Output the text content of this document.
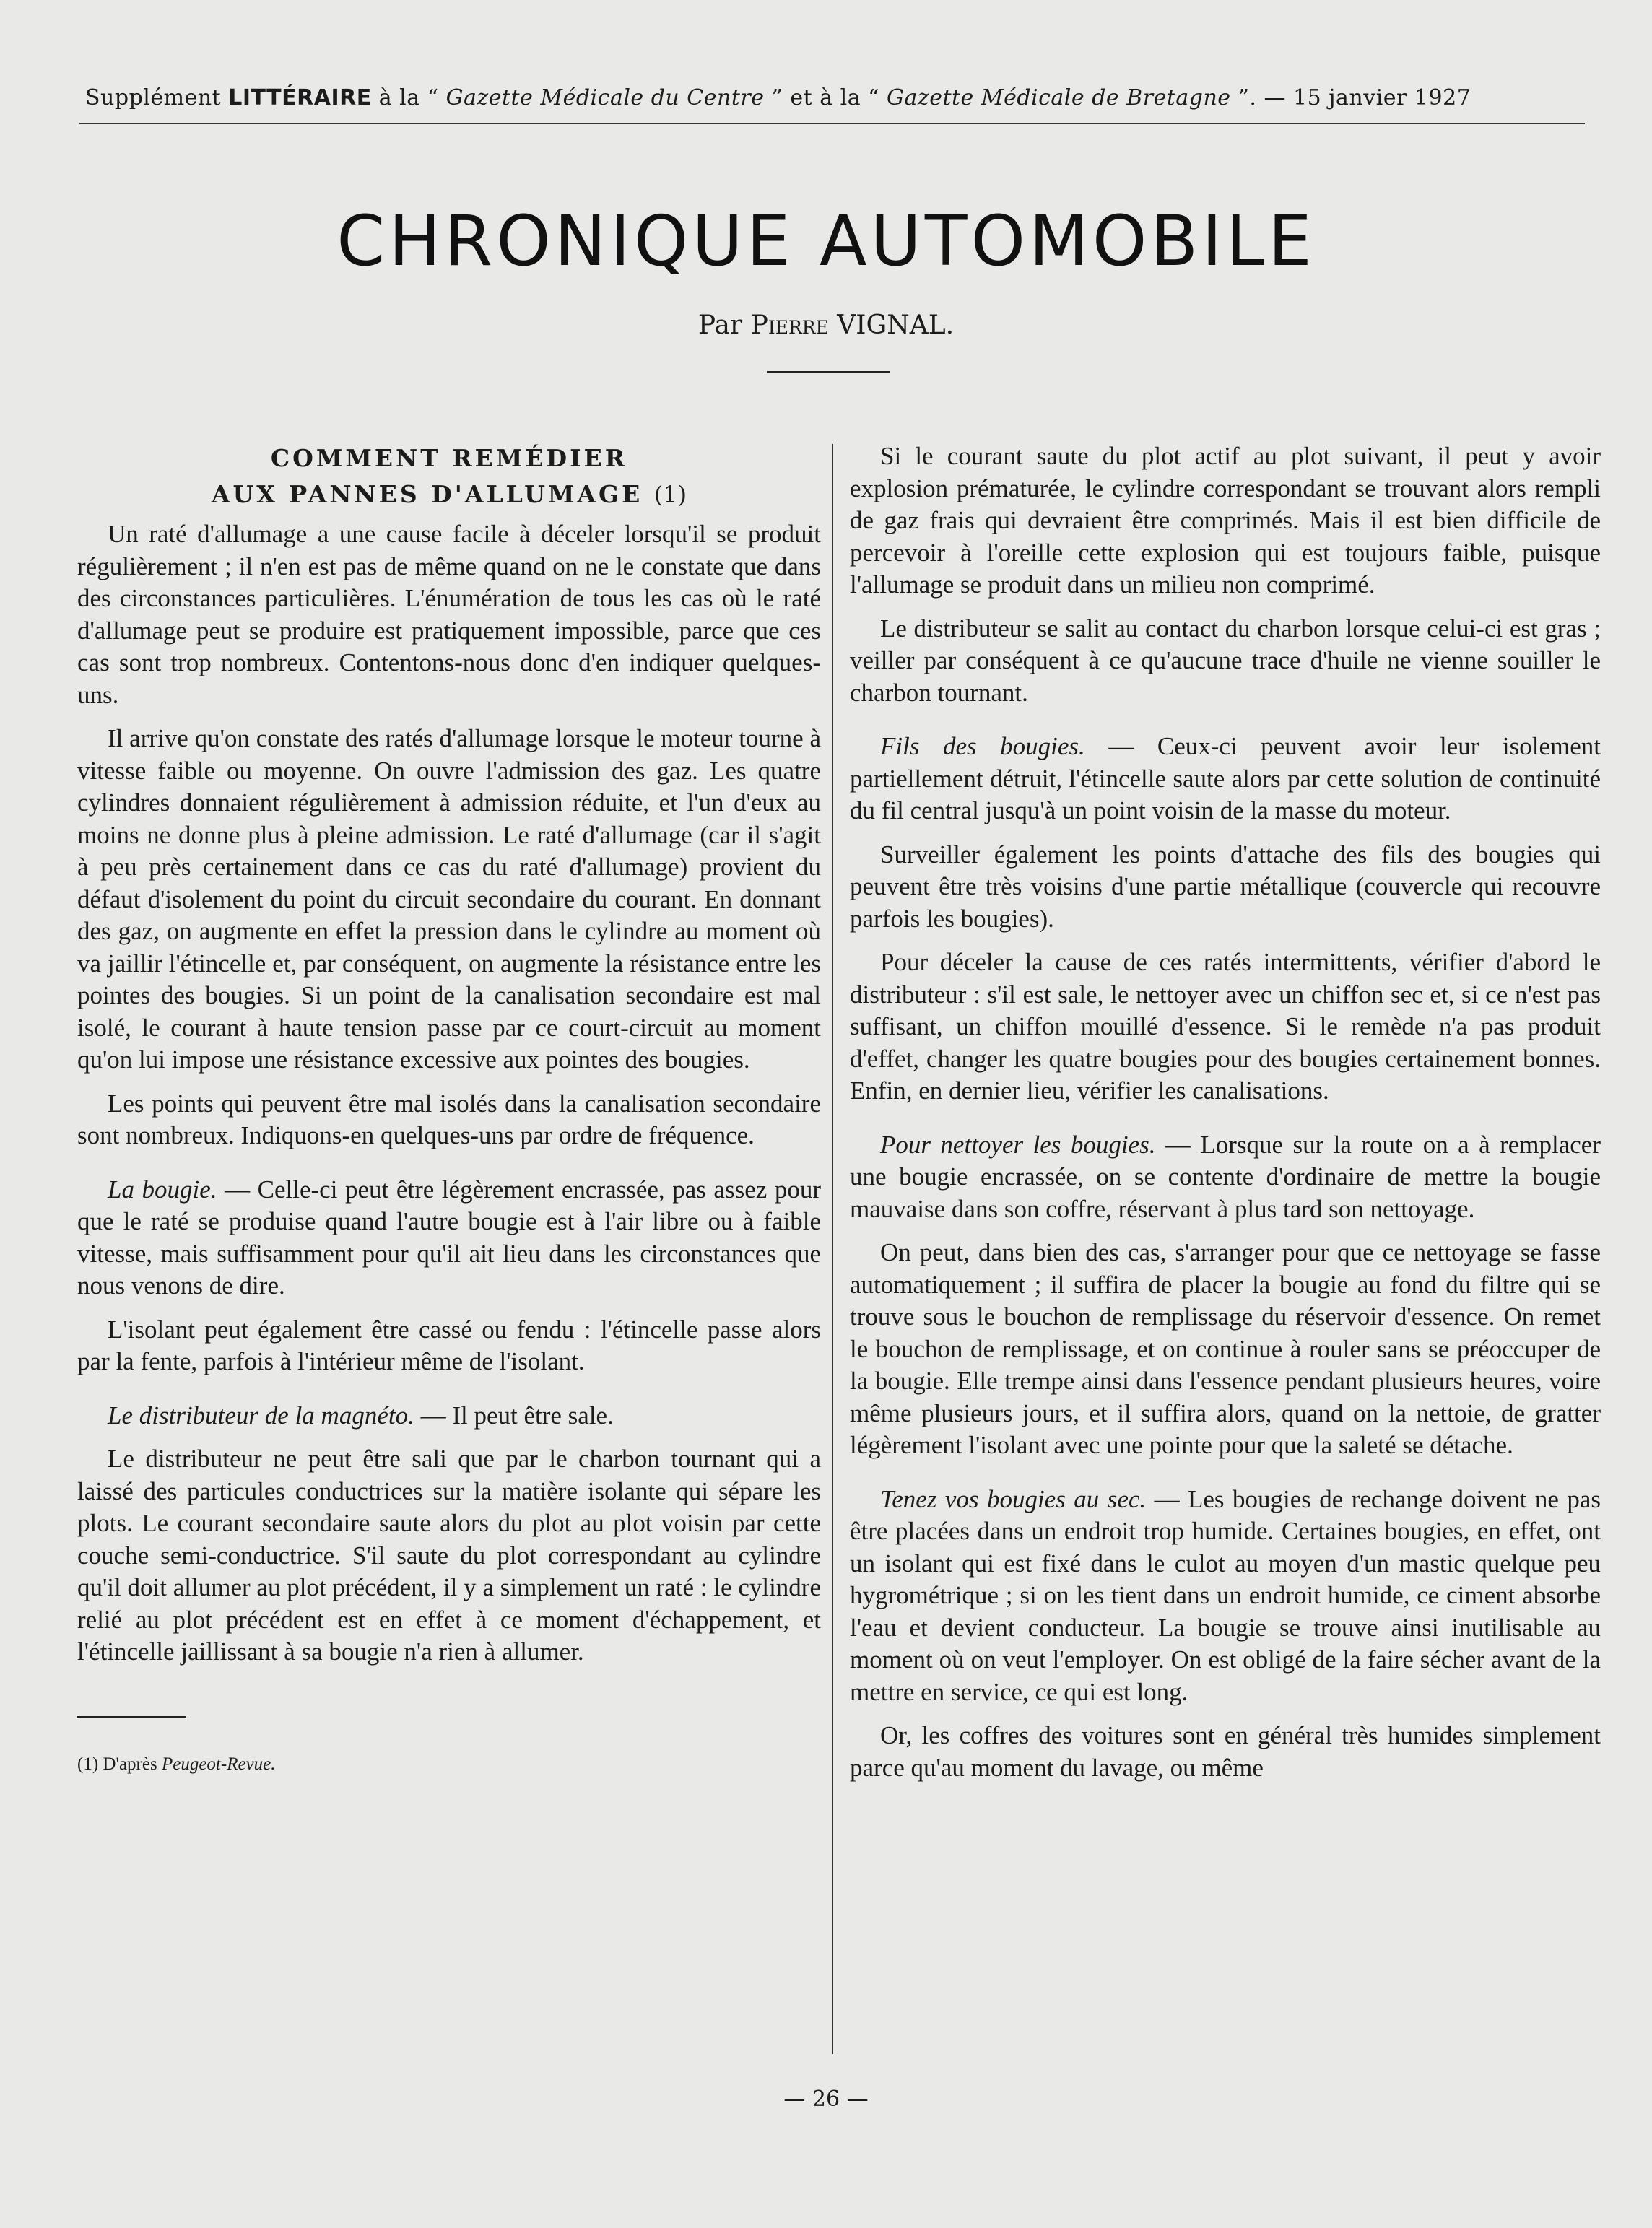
Supplément LITTÉRAIRE à la “ Gazette Médicale du Centre ” et à la “ Gazette Médicale de Bretagne ”. — 15 janvier 1927
CHRONIQUE AUTOMOBILE
Par Pierre VIGNAL.
COMMENT REMÉDIER
AUX PANNES D'ALLUMAGE (1)

Un raté d'allumage a une cause facile à déceler lorsqu'il se produit régulièrement ; il n'en est pas de même quand on ne le constate que dans des circonstances particulières. L'énumération de tous les cas où le raté d'allumage peut se produire est pratiquement impossible, parce que ces cas sont trop nombreux. Contentons-nous donc d'en indiquer quelques-uns.

Il arrive qu'on constate des ratés d'allumage lorsque le moteur tourne à vitesse faible ou moyenne. On ouvre l'admission des gaz. Les quatre cylindres donnaient régulièrement à admission réduite, et l'un d'eux au moins ne donne plus à pleine admission. Le raté d'allumage (car il s'agit à peu près certainement dans ce cas du raté d'allumage) provient du défaut d'isolement du point du circuit secondaire du courant. En donnant des gaz, on augmente en effet la pression dans le cylindre au moment où va jaillir l'étincelle et, par conséquent, on augmente la résistance entre les pointes des bougies. Si un point de la canalisation secondaire est mal isolé, le courant à haute tension passe par ce court-circuit au moment qu'on lui impose une résistance excessive aux pointes des bougies.

Les points qui peuvent être mal isolés dans la canalisation secondaire sont nombreux. Indiquons-en quelques-uns par ordre de fréquence.

La bougie. — Celle-ci peut être légèrement encrassée, pas assez pour que le raté se produise quand l'autre bougie est à l'air libre ou à faible vitesse, mais suffisamment pour qu'il ait lieu dans les circonstances que nous venons de dire.

L'isolant peut également être cassé ou fendu : l'étincelle passe alors par la fente, parfois à l'intérieur même de l'isolant.

Le distributeur de la magnéto. — Il peut être sale.

Le distributeur ne peut être sali que par le charbon tournant qui a laissé des particules conductrices sur la matière isolante qui sépare les plots. Le courant secondaire saute alors du plot au plot voisin par cette couche semi-conductrice. S'il saute du plot correspondant au cylindre qu'il doit allumer au plot précédent, il y a simplement un raté : le cylindre relié au plot précédent est en effet à ce moment d'échappement, et l'étincelle jaillissant à sa bougie n'a rien à allumer.

(1) D'après Peugeot-Revue.

Si le courant saute du plot actif au plot suivant, il peut y avoir explosion prématurée, le cylindre correspondant se trouvant alors rempli de gaz frais qui devraient être comprimés. Mais il est bien difficile de percevoir à l'oreille cette explosion qui est toujours faible, puisque l'allumage se produit dans un milieu non comprimé.

Le distributeur se salit au contact du charbon lorsque celui-ci est gras ; veiller par conséquent à ce qu'aucune trace d'huile ne vienne souiller le charbon tournant.

Fils des bougies. — Ceux-ci peuvent avoir leur isolement partiellement détruit, l'étincelle saute alors par cette solution de continuité du fil central jusqu'à un point voisin de la masse du moteur.

Surveiller également les points d'attache des fils des bougies qui peuvent être très voisins d'une partie métallique (couvercle qui recouvre parfois les bougies).

Pour déceler la cause de ces ratés intermittents, vérifier d'abord le distributeur : s'il est sale, le nettoyer avec un chiffon sec et, si ce n'est pas suffisant, un chiffon mouillé d'essence. Si le remède n'a pas produit d'effet, changer les quatre bougies pour des bougies certainement bonnes. Enfin, en dernier lieu, vérifier les canalisations.

Pour nettoyer les bougies. — Lorsque sur la route on a à remplacer une bougie encrassée, on se contente d'ordinaire de mettre la bougie mauvaise dans son coffre, réservant à plus tard son nettoyage.

On peut, dans bien des cas, s'arranger pour que ce nettoyage se fasse automatiquement ; il suffira de placer la bougie au fond du filtre qui se trouve sous le bouchon de remplissage du réservoir d'essence. On remet le bouchon de remplissage, et on continue à rouler sans se préoccuper de la bougie. Elle trempe ainsi dans l'essence pendant plusieurs heures, voire même plusieurs jours, et il suffira alors, quand on la nettoie, de gratter légèrement l'isolant avec une pointe pour que la saleté se détache.

Tenez vos bougies au sec. — Les bougies de rechange doivent ne pas être placées dans un endroit trop humide. Certaines bougies, en effet, ont un isolant qui est fixé dans le culot au moyen d'un mastic quelque peu hygrométrique ; si on les tient dans un endroit humide, ce ciment absorbe l'eau et devient conducteur. La bougie se trouve ainsi inutilisable au moment où on veut l'employer. On est obligé de la faire sécher avant de la mettre en service, ce qui est long.

Or, les coffres des voitures sont en général très humides simplement parce qu'au moment du lavage, ou même

— 26 —
